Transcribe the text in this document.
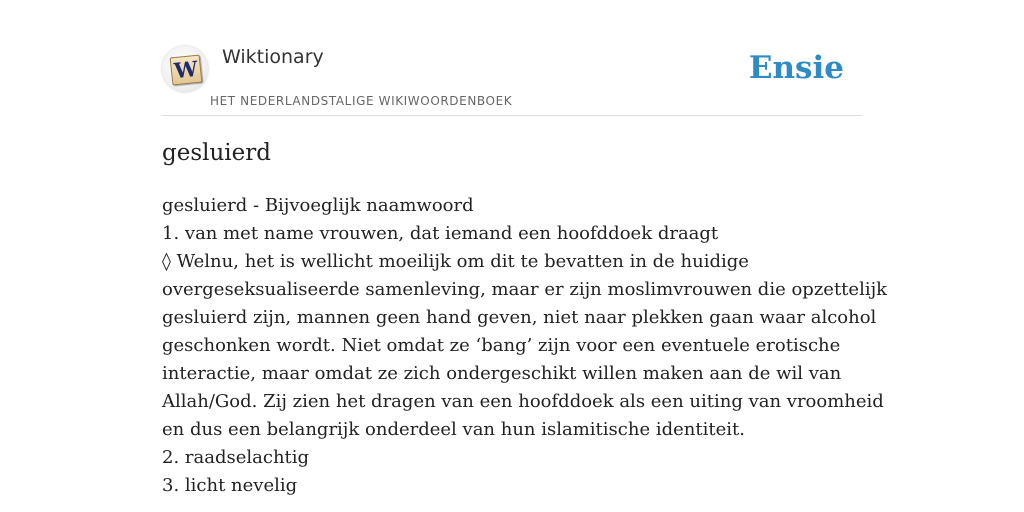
W Wiktionary
HET NEDERLANDSTALIGE WIKIWOORDENBOEK
Ensie
gesluierd
gesluierd - Bijvoeglijk naamwoord
1. van met name vrouwen, dat iemand een hoofddoek draagt
◊ Welnu, het is wellicht moeilijk om dit te bevatten in de huidige
overgeseksualiseerde samenleving, maar er zijn moslimvrouwen die opzettelijk
gesluierd zijn, mannen geen hand geven, niet naar plekken gaan waar alcohol
geschonken wordt. Niet omdat ze ‘bang’ zijn voor een eventuele erotische
interactie, maar omdat ze zich ondergeschikt willen maken aan de wil van
Allah/God. Zij zien het dragen van een hoofddoek als een uiting van vroomheid
en dus een belangrijk onderdeel van hun islamitische identiteit.
2. raadselachtig
3. licht nevelig
